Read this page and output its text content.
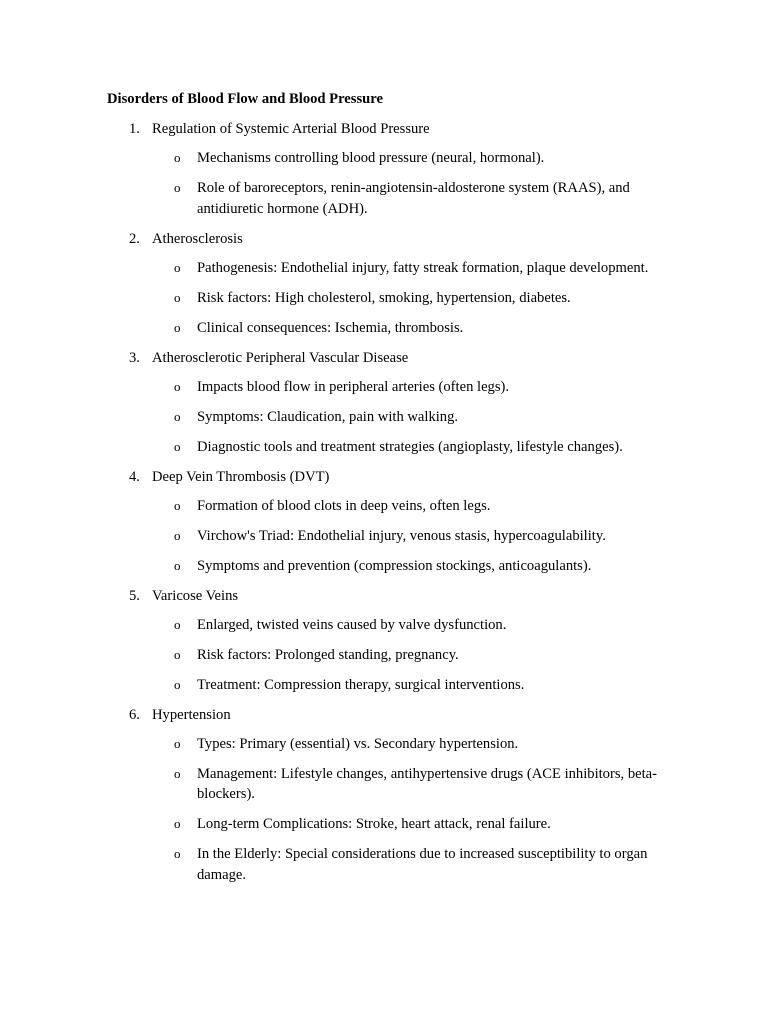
Disorders of Blood Flow and Blood Pressure
1. Regulation of Systemic Arterial Blood Pressure
o Mechanisms controlling blood pressure (neural, hormonal).
o Role of baroreceptors, renin-angiotensin-aldosterone system (RAAS), and antidiuretic hormone (ADH).
2. Atherosclerosis
o Pathogenesis: Endothelial injury, fatty streak formation, plaque development.
o Risk factors: High cholesterol, smoking, hypertension, diabetes.
o Clinical consequences: Ischemia, thrombosis.
3. Atherosclerotic Peripheral Vascular Disease
o Impacts blood flow in peripheral arteries (often legs).
o Symptoms: Claudication, pain with walking.
o Diagnostic tools and treatment strategies (angioplasty, lifestyle changes).
4. Deep Vein Thrombosis (DVT)
o Formation of blood clots in deep veins, often legs.
o Virchow's Triad: Endothelial injury, venous stasis, hypercoagulability.
o Symptoms and prevention (compression stockings, anticoagulants).
5. Varicose Veins
o Enlarged, twisted veins caused by valve dysfunction.
o Risk factors: Prolonged standing, pregnancy.
o Treatment: Compression therapy, surgical interventions.
6. Hypertension
o Types: Primary (essential) vs. Secondary hypertension.
o Management: Lifestyle changes, antihypertensive drugs (ACE inhibitors, beta-blockers).
o Long-term Complications: Stroke, heart attack, renal failure.
o In the Elderly: Special considerations due to increased susceptibility to organ damage.
